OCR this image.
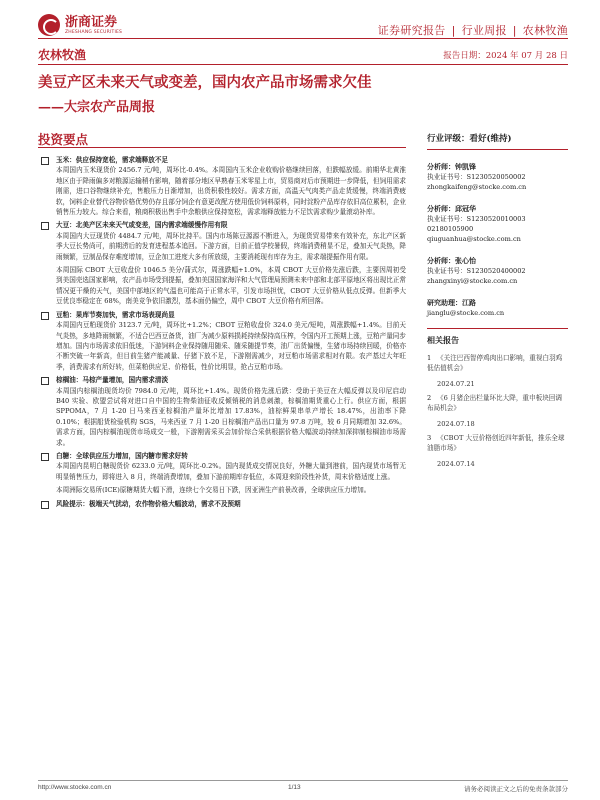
浙商证券
ZHESHANG SECURITIES	证券研究报告 | 行业周报 | 农林牧渔
农林牧渔	报告日期：2024 年 07 月 28 日
美豆产区未来天气或变差，国内农产品市场需求欠佳
——大宗农产品周报
投资要点
玉米：供应保持宽松，需求端释放不足
本周国内玉米现货价 2456.7 元/吨，周环比-0.4%。本周国内玉米企业收购价格继续回落，但跌幅放缓。前期华北黄淮地区由于降雨偏多对粮源运输稍有影响，随着部分地区早熟春玉米零星上市，贸易商对后市预期进一步降低，但饲用需求刚需，进口谷物继续补充，售粮压力日渐增加，出货积极性较好。需求方面，高温天气肉类产品走货缓慢，终端消费疲软，饲料企业替代谷物价格优势仍存且部分饲企有意更改配方使用低价饲料原料，同时淀粉产品库存依旧高位累积，企业销售压力较大。综合来看，粮商积极出售手中余粮供应保持宽松，需求端释放能力不足饮需求购少量滚动补库。
大豆：北美产区未来天气或变差，国内需求端缓慢作用有限
本周国内大豆现货价 4484.7 元/吨，周环比持平。国内市场陈豆源源不断进入，为现货贸易带来有效补充，东北产区新季大豆长势尚可，前期涝后的发育进程基本追回。下游方面，目前正值学校暑假，终端消费稍显不足，叠加天气炎热，降雨频繁，豆制品保存难度增加，豆企加工进度大多有所放缓，主要消耗现有库存为主，需求端提振作用有限。
本周国际 CBOT 大豆收盘价 1046.5 美分/蒲式尔，周涨跌幅+1.0%，本周 CBOT 大豆价格先涨后跌，主要因周初受到美国売选国家影响，农产品市场受到提振，叠加美国国家海洋和大气管理局预测未来中部和北部平原地区将出现比正常情况更干燥的天气，美国中部地区的气温也可能高于正常水平，引发市场担忧，CBOT 大豆价格从低点反弹。但新季大豆优良率稳定在 68%，南美竞争依旧激烈，基本面仍偏空，周中 CBOT 大豆价格有所回落。
豆粕：果库节奏加快，需求市场表现尚显
本周国内豆粕现货价 3123.7 元/吨，周环比+1.2%；CBOT 豆粕收盘价 324.0 美元/短吨，周涨跌幅+1.4%。目前天气炎热，多地降雨频繁，不适合巴西豆备货，油厂为减少原料损耗持续保持高压榨，令国内开工预期上涨，豆粕产量同步增加。国内市场需求依旧低迷，下游饲料企业保持随用随采、随采随提节奏，油厂出货偏慢，生猪市场持续回暖，价格亦不断突破一年新高，但目前生猪产能减量、仔猪下放不足，下游刚需减少，对豆粕市场需求相对有限。农产基过大年旺季，消费需求有所好转，但菜粕供应足、价格低，性价比明显，抢占豆粕市场。
棕榈油：马棕产量增加，国内需求清淡
本周国内棕榈油现货均价 7984.0 元/吨，周环比+1.4%。现货价格先涨后跌：受助于美豆在大幅反弹以及印尼启动 B40 实验、欧盟尝试将对进口自中国的生物柴油征收反倾销税的消息刺激，棕榈油期货重心上行。供应方面，根据 SPPOMA，7 月 1-20 日马来西亚棕榈油产量环比增加 17.83%，油棕鲜果串单产增长 18.47%，出油率下降 0.10%；根据船货检验机构 SGS，马来西亚 7 月 1-20 日棕榈油产品出口量为 97.8 万吨，较 6 月同期增加 32.6%。需求方面，国内棕榈油现货市场成交一般，下游刚需采买会加价综合采供根据价格大幅波动持续加深抑制棕榈油市场需求。
白糖：全球供应压力增加，国内糖市需求好转
本周国内昆明白糖现货价 6233.0 元/吨，周环比-0.2%。国内现货成交情况良好，外糖大量到港前，国内现货市场暂无明显销售压力，即将进入 8 月，终端消费增加，叠加下游前期库存低位，本周迎来阶段性补货，周末价格适度上涨。
本周洲际交易所(ICE)原糖期货大幅下滑，连续七个交易日下跌，因亚洲生产前景改善，全球供应压力增加。
风险提示：极端天气扰动，农作物价格大幅波动，需求不及预期
行业评级：看好(维持)
分析师：钟凯锋
执业证书号：S1230520050002
zhongkaifeng@stocke.com.cn
分析师：邱冠华
执业证书号：S1230520010003
02180105900
qiuguanhua@stocke.com.cn
分析师：张心怡
执业证书号：S1230520400002
zhangxinyi@stocke.com.cn
研究助理：江路
jianglu@stocke.com.cn
相关报告
1 《关注巴西智停鸡肉出口影响，重视白羽鸡低估值机会》
2024.07.21
2 《6 月猪企出栏量环比大降，重申板块回调布局机会》
2024.07.18
3 《CBOT 大豆价格创近四年新低，推乐全球油脂市场》
2024.07.14
http://www.stocke.com.cn	1/13	请务必阅读正文之后的免责条款部分
